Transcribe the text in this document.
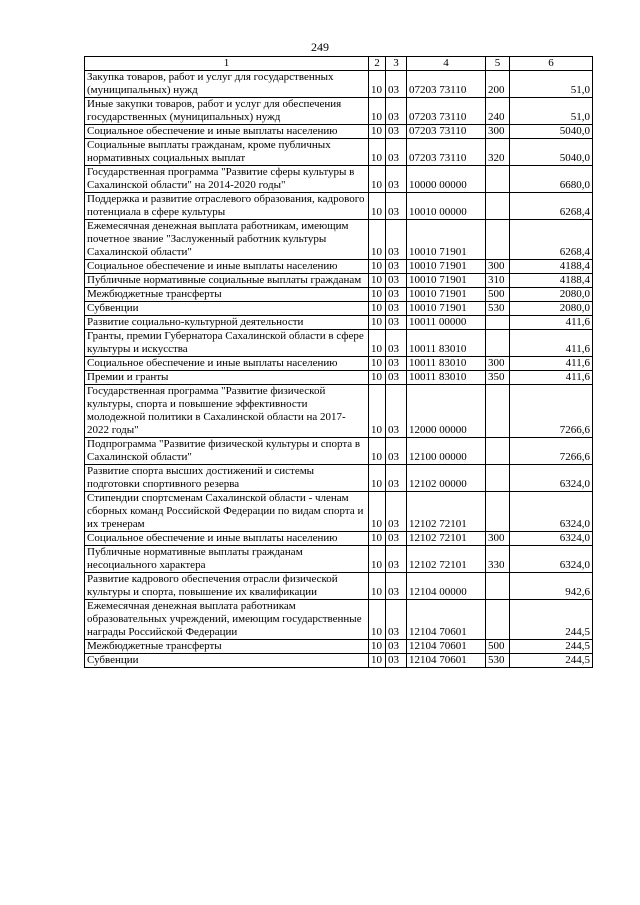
249
1	2	3	4	5	6
Закупка товаров, работ и услуг для государственных (муниципальных) нужд	10	03	07203 73110	200	51,0
Иные закупки товаров, работ и услуг для обеспечения государственных (муниципальных) нужд	10	03	07203 73110	240	51,0
Социальное обеспечение и иные выплаты населению	10	03	07203 73110	300	5040,0
Социальные выплаты гражданам, кроме публичных нормативных социальных выплат	10	03	07203 73110	320	5040,0
Государственная программа "Развитие сферы культуры в Сахалинской области" на 2014-2020 годы"	10	03	10000 00000		6680,0
Поддержка и развитие отраслевого образования, кадрового потенциала в сфере культуры	10	03	10010 00000		6268,4
Ежемесячная денежная выплата работникам, имеющим почетное звание "Заслуженный работник культуры Сахалинской области"	10	03	10010 71901		6268,4
Социальное обеспечение и иные выплаты населению	10	03	10010 71901	300	4188,4
Публичные нормативные социальные выплаты гражданам	10	03	10010 71901	310	4188,4
Межбюджетные трансферты	10	03	10010 71901	500	2080,0
Субвенции	10	03	10010 71901	530	2080,0
Развитие социально-культурной деятельности	10	03	10011 00000		411,6
Гранты, премии Губернатора Сахалинской области в сфере культуры и искусства	10	03	10011 83010		411,6
Социальное обеспечение и иные выплаты населению	10	03	10011 83010	300	411,6
Премии и гранты	10	03	10011 83010	350	411,6
Государственная программа "Развитие физической культуры, спорта и повышение эффективности молодежной политики в Сахалинской области на 2017-2022 годы"	10	03	12000 00000		7266,6
Подпрограмма "Развитие физической культуры и спорта в Сахалинской области"	10	03	12100 00000		7266,6
Развитие спорта высших достижений и системы подготовки спортивного резерва	10	03	12102 00000		6324,0
Стипендии спортсменам Сахалинской области - членам сборных команд Российской Федерации по видам спорта и их тренерам	10	03	12102 72101		6324,0
Социальное обеспечение и иные выплаты населению	10	03	12102 72101	300	6324,0
Публичные нормативные выплаты гражданам несоциального характера	10	03	12102 72101	330	6324,0
Развитие кадрового обеспечения отрасли физической культуры и спорта, повышение их квалификации	10	03	12104 00000		942,6
Ежемесячная денежная выплата работникам образовательных учреждений, имеющим государственные награды Российской Федерации	10	03	12104 70601		244,5
Межбюджетные трансферты	10	03	12104 70601	500	244,5
Субвенции	10	03	12104 70601	530	244,5
